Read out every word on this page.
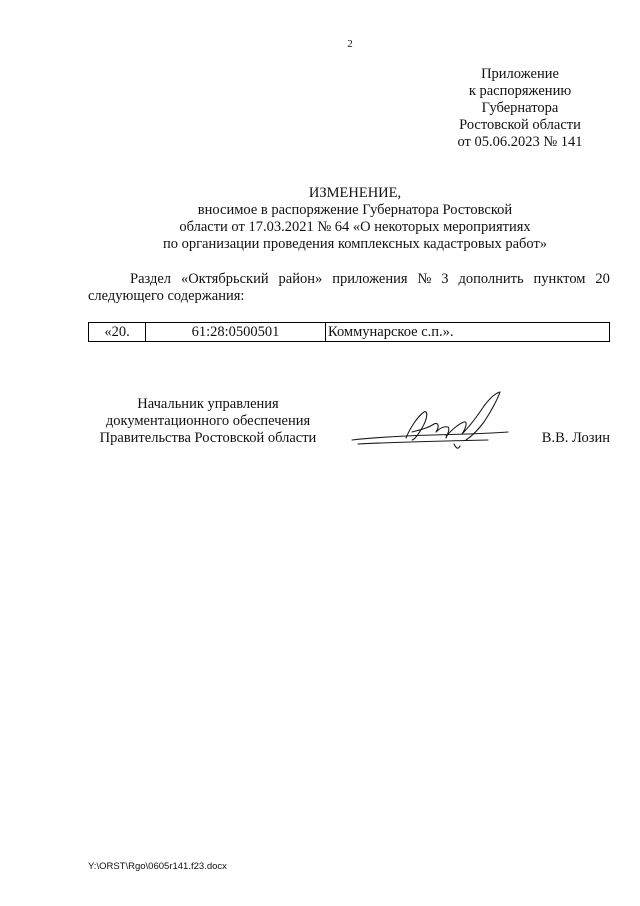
2
Приложение
к распоряжению
Губернатора
Ростовской области
от 05.06.2023 № 141
ИЗМЕНЕНИЕ,
вносимое в распоряжение Губернатора Ростовской
области от 17.03.2021 № 64 «О некоторых мероприятиях
по организации проведения комплексных кадастровых работ»
Раздел «Октябрьский район» приложения № 3 дополнить пунктом 20
следующего содержания:
«20.	61:28:0500501	Коммунарское с.п.».
Начальник управления
документационного обеспечения
Правительства Ростовской области	В.В. Лозин
Y:\ORST\Rgo\0605r141.f23.docx
